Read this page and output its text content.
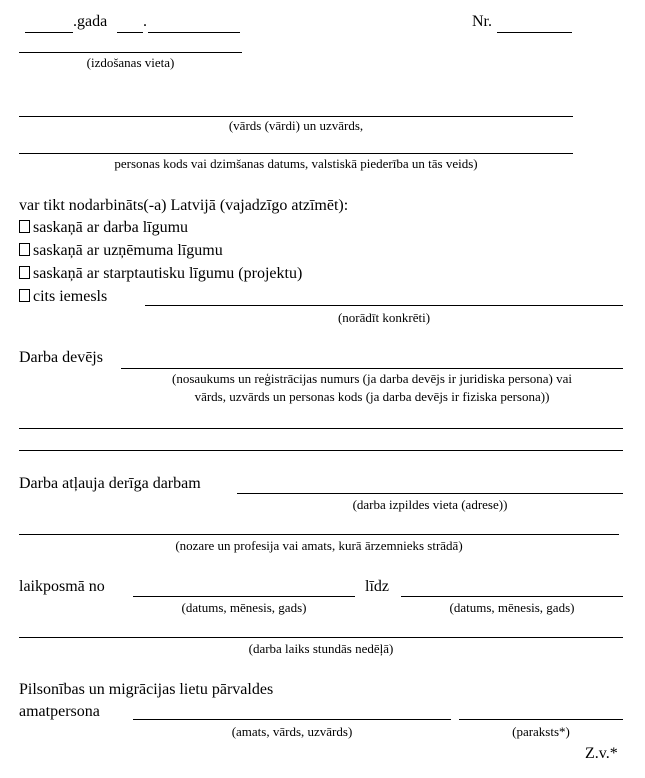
.gada .	Nr.
(izdošanas vieta)
(vārds (vārdi) un uzvārds,
personas kods vai dzimšanas datums, valstiskā piederība un tās veids)
var tikt nodarbināts(-a) Latvijā (vajadzīgo atzīmēt):
saskaņā ar darba līgumu
saskaņā ar uzņēmuma līgumu
saskaņā ar starptautisku līgumu (projektu)
cits iemesls
(norādīt konkrēti)
Darba devējs
(nosaukums un reģistrācijas numurs (ja darba devējs ir juridiska persona) vai
vārds, uzvārds un personas kods (ja darba devējs ir fiziska persona))
Darba atļauja derīga darbam
(darba izpildes vieta (adrese))
(nozare un profesija vai amats, kurā ārzemnieks strādā)
laikposmā no
(datums, mēnesis, gads)
līdz
(datums, mēnesis, gads)
(darba laiks stundās nedēļā)
Pilsonības un migrācijas lietu pārvaldes
amatpersona
(amats, vārds, uzvārds)	(paraksts*)
Z.v.*
